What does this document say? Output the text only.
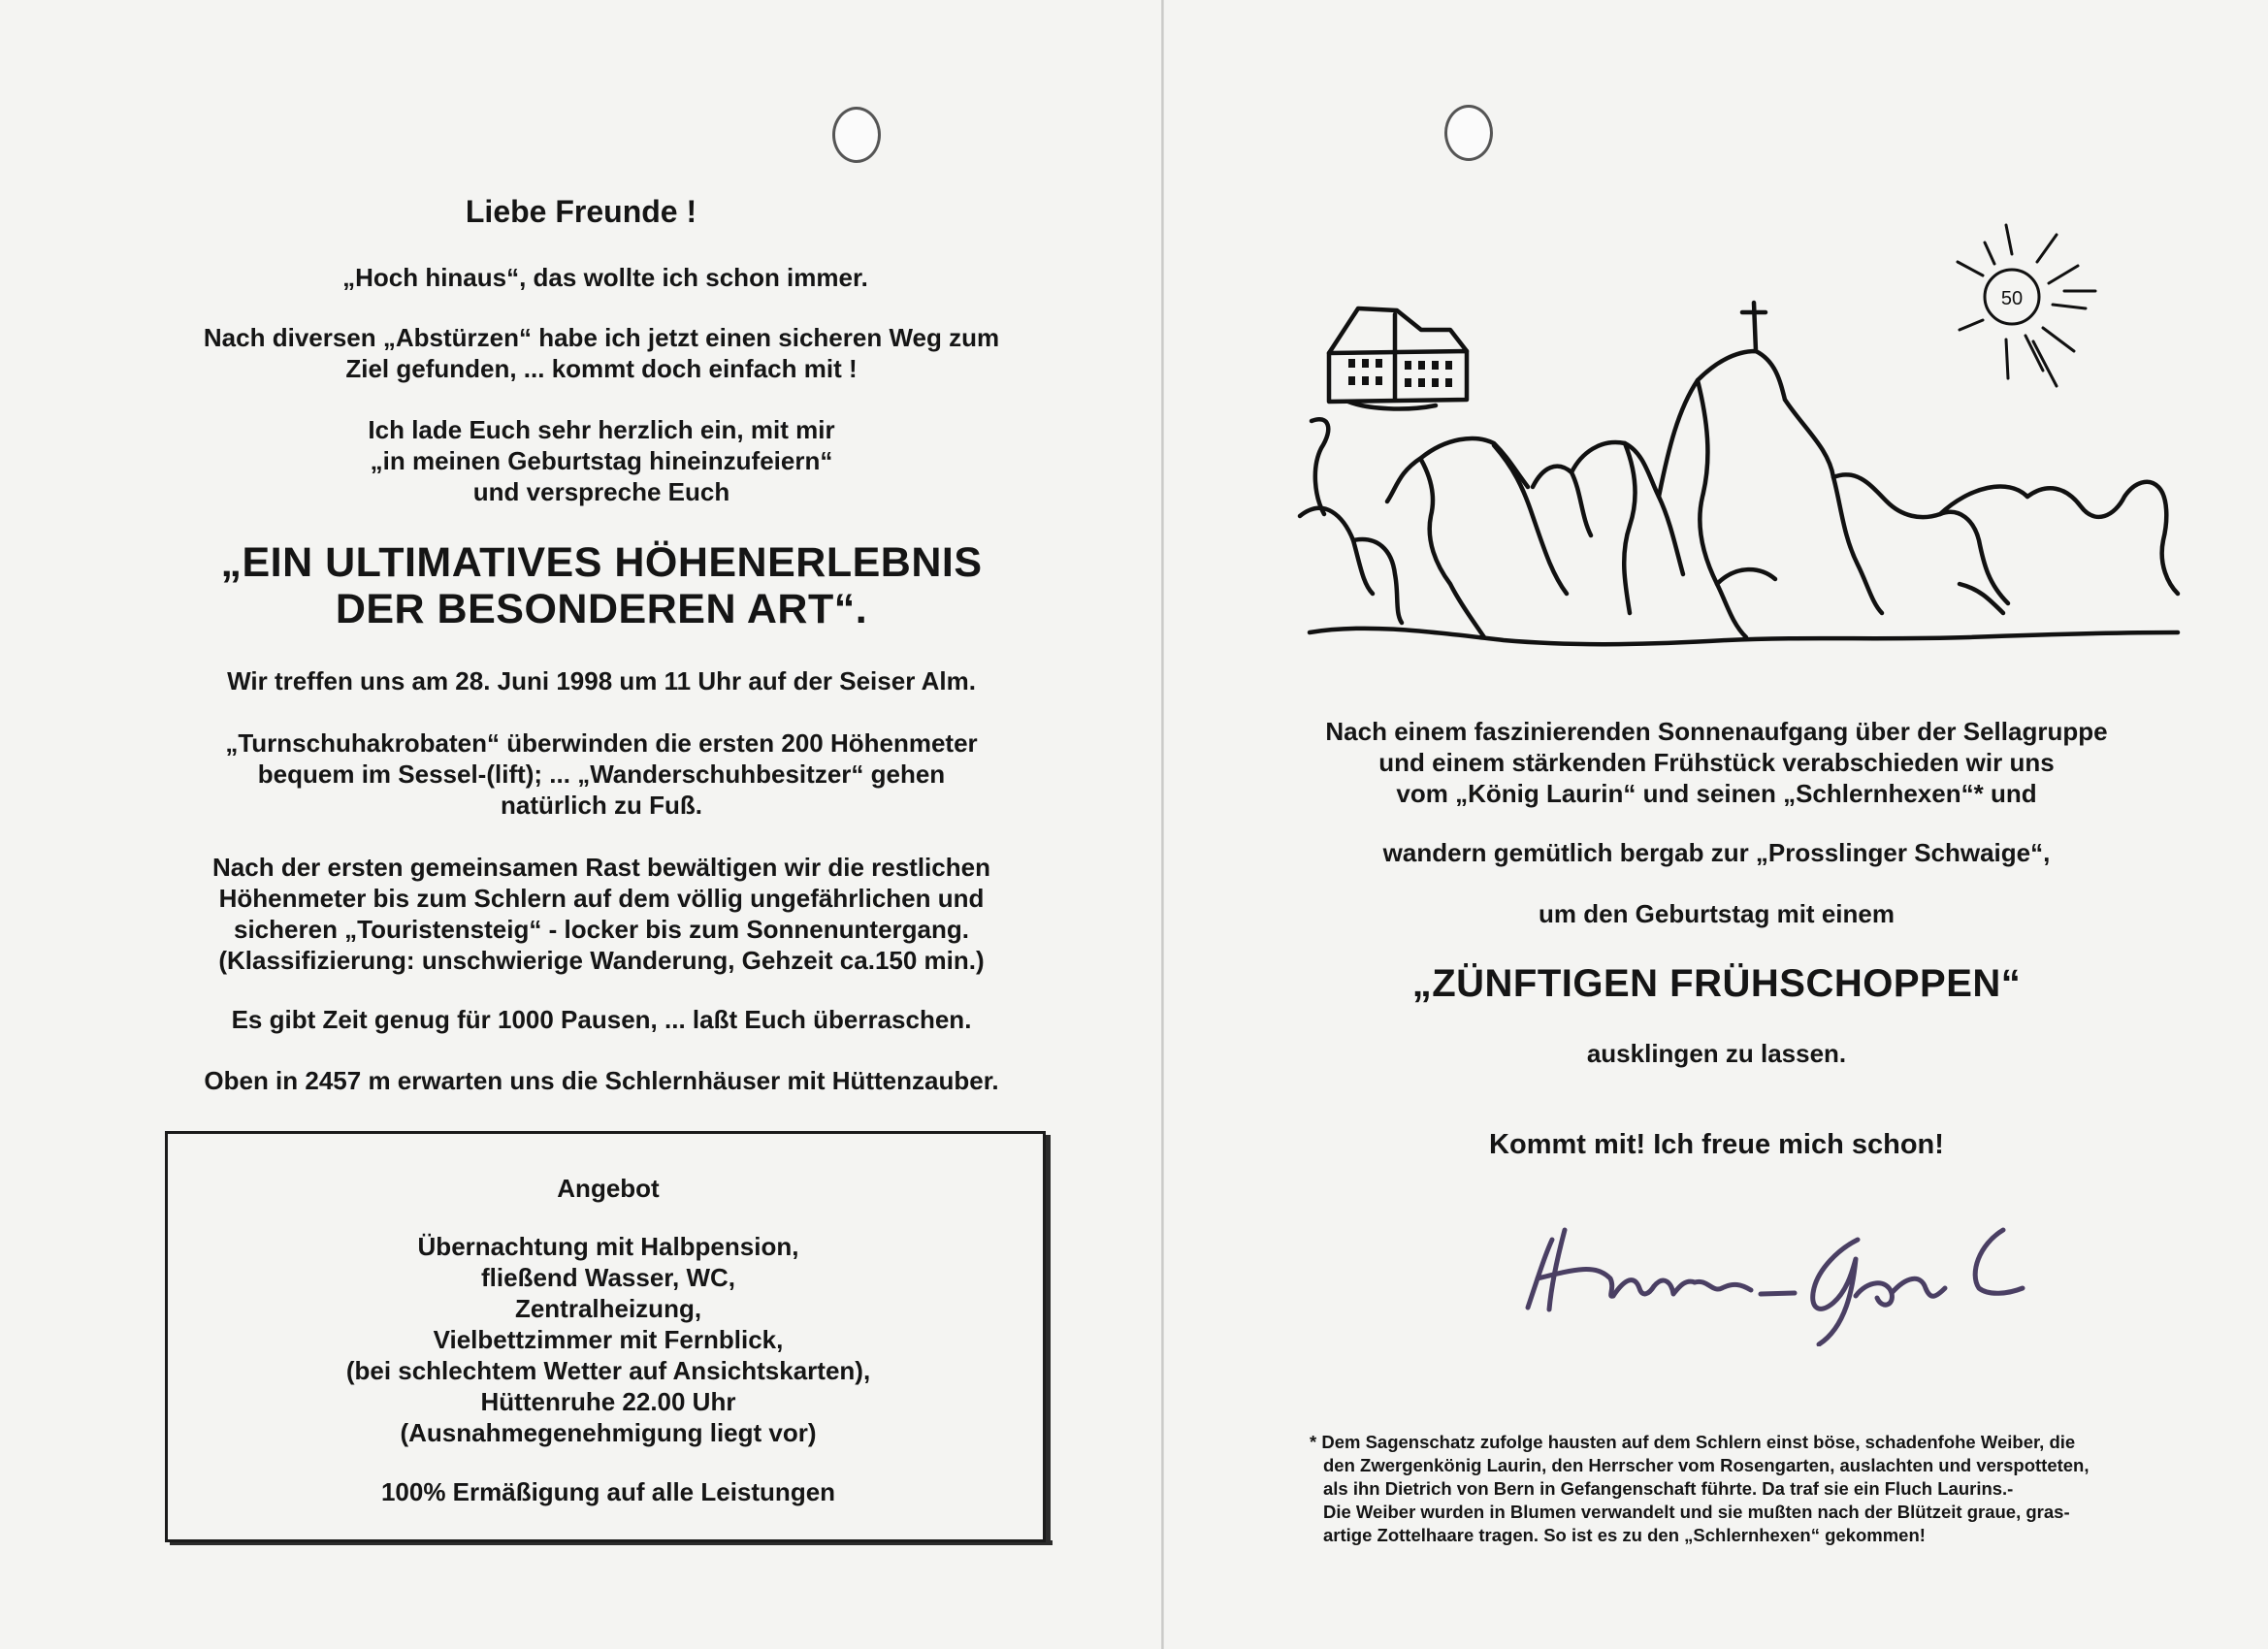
Liebe Freunde !
„Hoch hinaus“, das wollte ich schon immer.
Nach diversen „Abstürzen“ habe ich jetzt einen sicheren Weg zum
Ziel gefunden, ... kommt doch einfach mit !
Ich lade Euch sehr herzlich ein, mit mir
„in meinen Geburtstag hineinzufeiern“
und verspreche Euch
„EIN ULTIMATIVES HÖHENERLEBNIS
DER BESONDEREN ART“.
Wir treffen uns am 28. Juni 1998 um 11 Uhr auf der Seiser Alm.
„Turnschuhakrobaten“ überwinden die ersten 200 Höhenmeter
bequem im Sessel-(lift); ... „Wanderschuhbesitzer“ gehen
natürlich zu Fuß.
Nach der ersten gemeinsamen Rast bewältigen wir die restlichen
Höhenmeter bis zum Schlern auf dem völlig ungefährlichen und
sicheren „Touristensteig“ - locker bis zum Sonnenuntergang.
(Klassifizierung: unschwierige Wanderung, Gehzeit ca.150 min.)
Es gibt Zeit genug für 1000 Pausen, ... laßt Euch überraschen.
Oben in 2457 m erwarten uns die Schlernhäuser mit Hüttenzauber.
Angebot
Übernachtung mit Halbpension,
fließend Wasser, WC,
Zentralheizung,
Vielbettzimmer mit Fernblick,
(bei schlechtem Wetter auf Ansichtskarten),
Hüttenruhe 22.00 Uhr
(Ausnahmegenehmigung liegt vor)
100% Ermäßigung auf alle Leistungen
50
Nach einem faszinierenden Sonnenaufgang über der Sellagruppe
und einem stärkenden Frühstück verabschieden wir uns
vom „König Laurin“ und seinen „Schlernhexen“* und
wandern gemütlich bergab zur „Prosslinger Schwaige“,
um den Geburtstag mit einem
„ZÜNFTIGEN FRÜHSCHOPPEN“
ausklingen zu lassen.
Kommt mit! Ich freue mich schon!
* Dem Sagenschatz zufolge hausten auf dem Schlern einst böse, schadenfohe Weiber, die
den Zwergenkönig Laurin, den Herrscher vom Rosengarten, auslachten und verspotteten,
als ihn Dietrich von Bern in Gefangenschaft führte. Da traf sie ein Fluch Laurins.-
Die Weiber wurden in Blumen verwandelt und sie mußten nach der Blützeit graue, gras-
artige Zottelhaare tragen. So ist es zu den „Schlernhexen“ gekommen!
